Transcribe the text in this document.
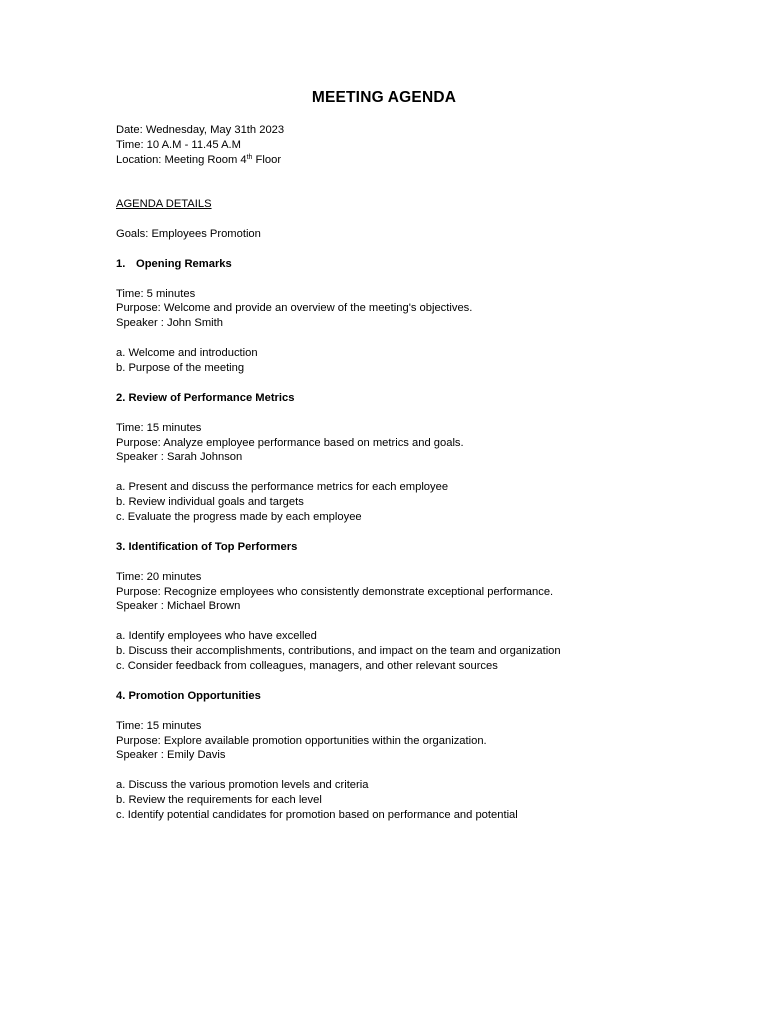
MEETING AGENDA
Date: Wednesday, May 31th 2023
Time: 10 A.M - 11.45 A.M
Location: Meeting Room 4th Floor
AGENDA DETAILS
Goals: Employees Promotion
1. Opening Remarks
Time: 5 minutes
Purpose: Welcome and provide an overview of the meeting's objectives.
Speaker : John Smith
a. Welcome and introduction
b. Purpose of the meeting
2. Review of Performance Metrics
Time: 15 minutes
Purpose: Analyze employee performance based on metrics and goals.
Speaker : Sarah Johnson
a. Present and discuss the performance metrics for each employee
b. Review individual goals and targets
c. Evaluate the progress made by each employee
3. Identification of Top Performers
Time: 20 minutes
Purpose: Recognize employees who consistently demonstrate exceptional performance.
Speaker : Michael Brown
a. Identify employees who have excelled
b. Discuss their accomplishments, contributions, and impact on the team and organization
c. Consider feedback from colleagues, managers, and other relevant sources
4. Promotion Opportunities
Time: 15 minutes
Purpose: Explore available promotion opportunities within the organization.
Speaker : Emily Davis
a. Discuss the various promotion levels and criteria
b. Review the requirements for each level
c. Identify potential candidates for promotion based on performance and potential
